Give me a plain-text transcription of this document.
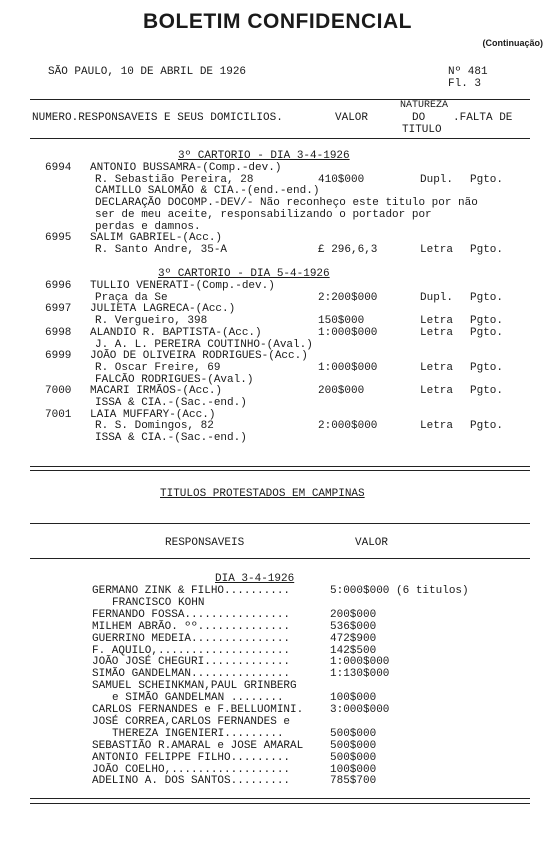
BOLETIM CONFIDENCIAL
(Continuação)
SÃO PAULO, 10 DE ABRIL DE 1926	Nº 481
Fl. 3
NATUREZA
NUMERO.RESPONSAVEIS E SEUS DOMICILIOS.	VALOR	DO	.FALTA DE
TITULO
3º CARTORIO - DIA 3-4-1926
6994 ANTONIO BUSSAMRA-(Comp.-dev.)
R. Sebastião Pereira, 28	410$000	Dupl. Pgto.
CAMILLO SALOMÃO & CIA.-(end.-end.)
DECLARAÇÃO DOCOMP.-DEV/- Não reconheço este titulo por não
ser de meu aceite, responsabilizando o portador por
perdas e damnos.
6995 SALIM GABRIEL-(Acc.)
R. Santo Andre, 35-A	£ 296,6,3	Letra Pgto.
3º CARTORIO - DIA 5-4-1926
6996 TULLIO VENERATI-(Comp.-dev.)
Praça da Se	2:200$000	Dupl. Pgto.
6997 JULIETA LAGRECA-(Acc.)
R. Vergueiro, 398	150$000	Letra Pgto.
6998 ALANDIO R. BAPTISTA-(Acc.)	1:000$000	Letra Pgto.
J. A. L. PEREIRA COUTINHO-(Aval.)
6999 JOÃO DE OLIVEIRA RODRIGUES-(Acc.)
R. Oscar Freire, 69	1:000$000	Letra Pgto.
FALCÃO RODRIGUES-(Aval.)
7000 MACARI IRMÃOS-(Acc.)	200$000	Letra Pgto.
ISSA & CIA.-(Sac.-end.)
7001 LAIA MUFFARY-(Acc.)
R. S. Domingos, 82	2:000$000	Letra Pgto.
ISSA & CIA.-(Sac.-end.)
TITULOS PROTESTADOS EM CAMPINAS
RESPONSAVEIS	VALOR
DIA 3-4-1926
GERMANO ZINK & FILHO..........	5:000$000 (6 titulos)
FRANCISCO KOHN
FERNANDO FOSSA................	200$000
MILHEM ABRÃO. ºº..............	536$000
GUERRINO MEDEIA...............	472$900
F. AQUILO,....................	142$500
JOÃO JOSÉ CHEGURI.............	1:000$000
SIMÃO GANDELMAN...............	1:130$000
SAMUEL SCHEINKMAN,PAUL GRINBERG
e SIMÃO GANDELMAN ........	100$000
CARLOS FERNANDES e F.BELLUOMINI. 3:000$000
JOSÉ CORREA,CARLOS FERNANDES e
THEREZA INGENIERI.........	500$000
SEBASTIÃO R.AMARAL e JOSE AMARAL 500$000
ANTONIO FELIPPE FILHO.........	500$000
JOÃO COELHO,..................	100$000
ADELINO A. DOS SANTOS.........	785$700
